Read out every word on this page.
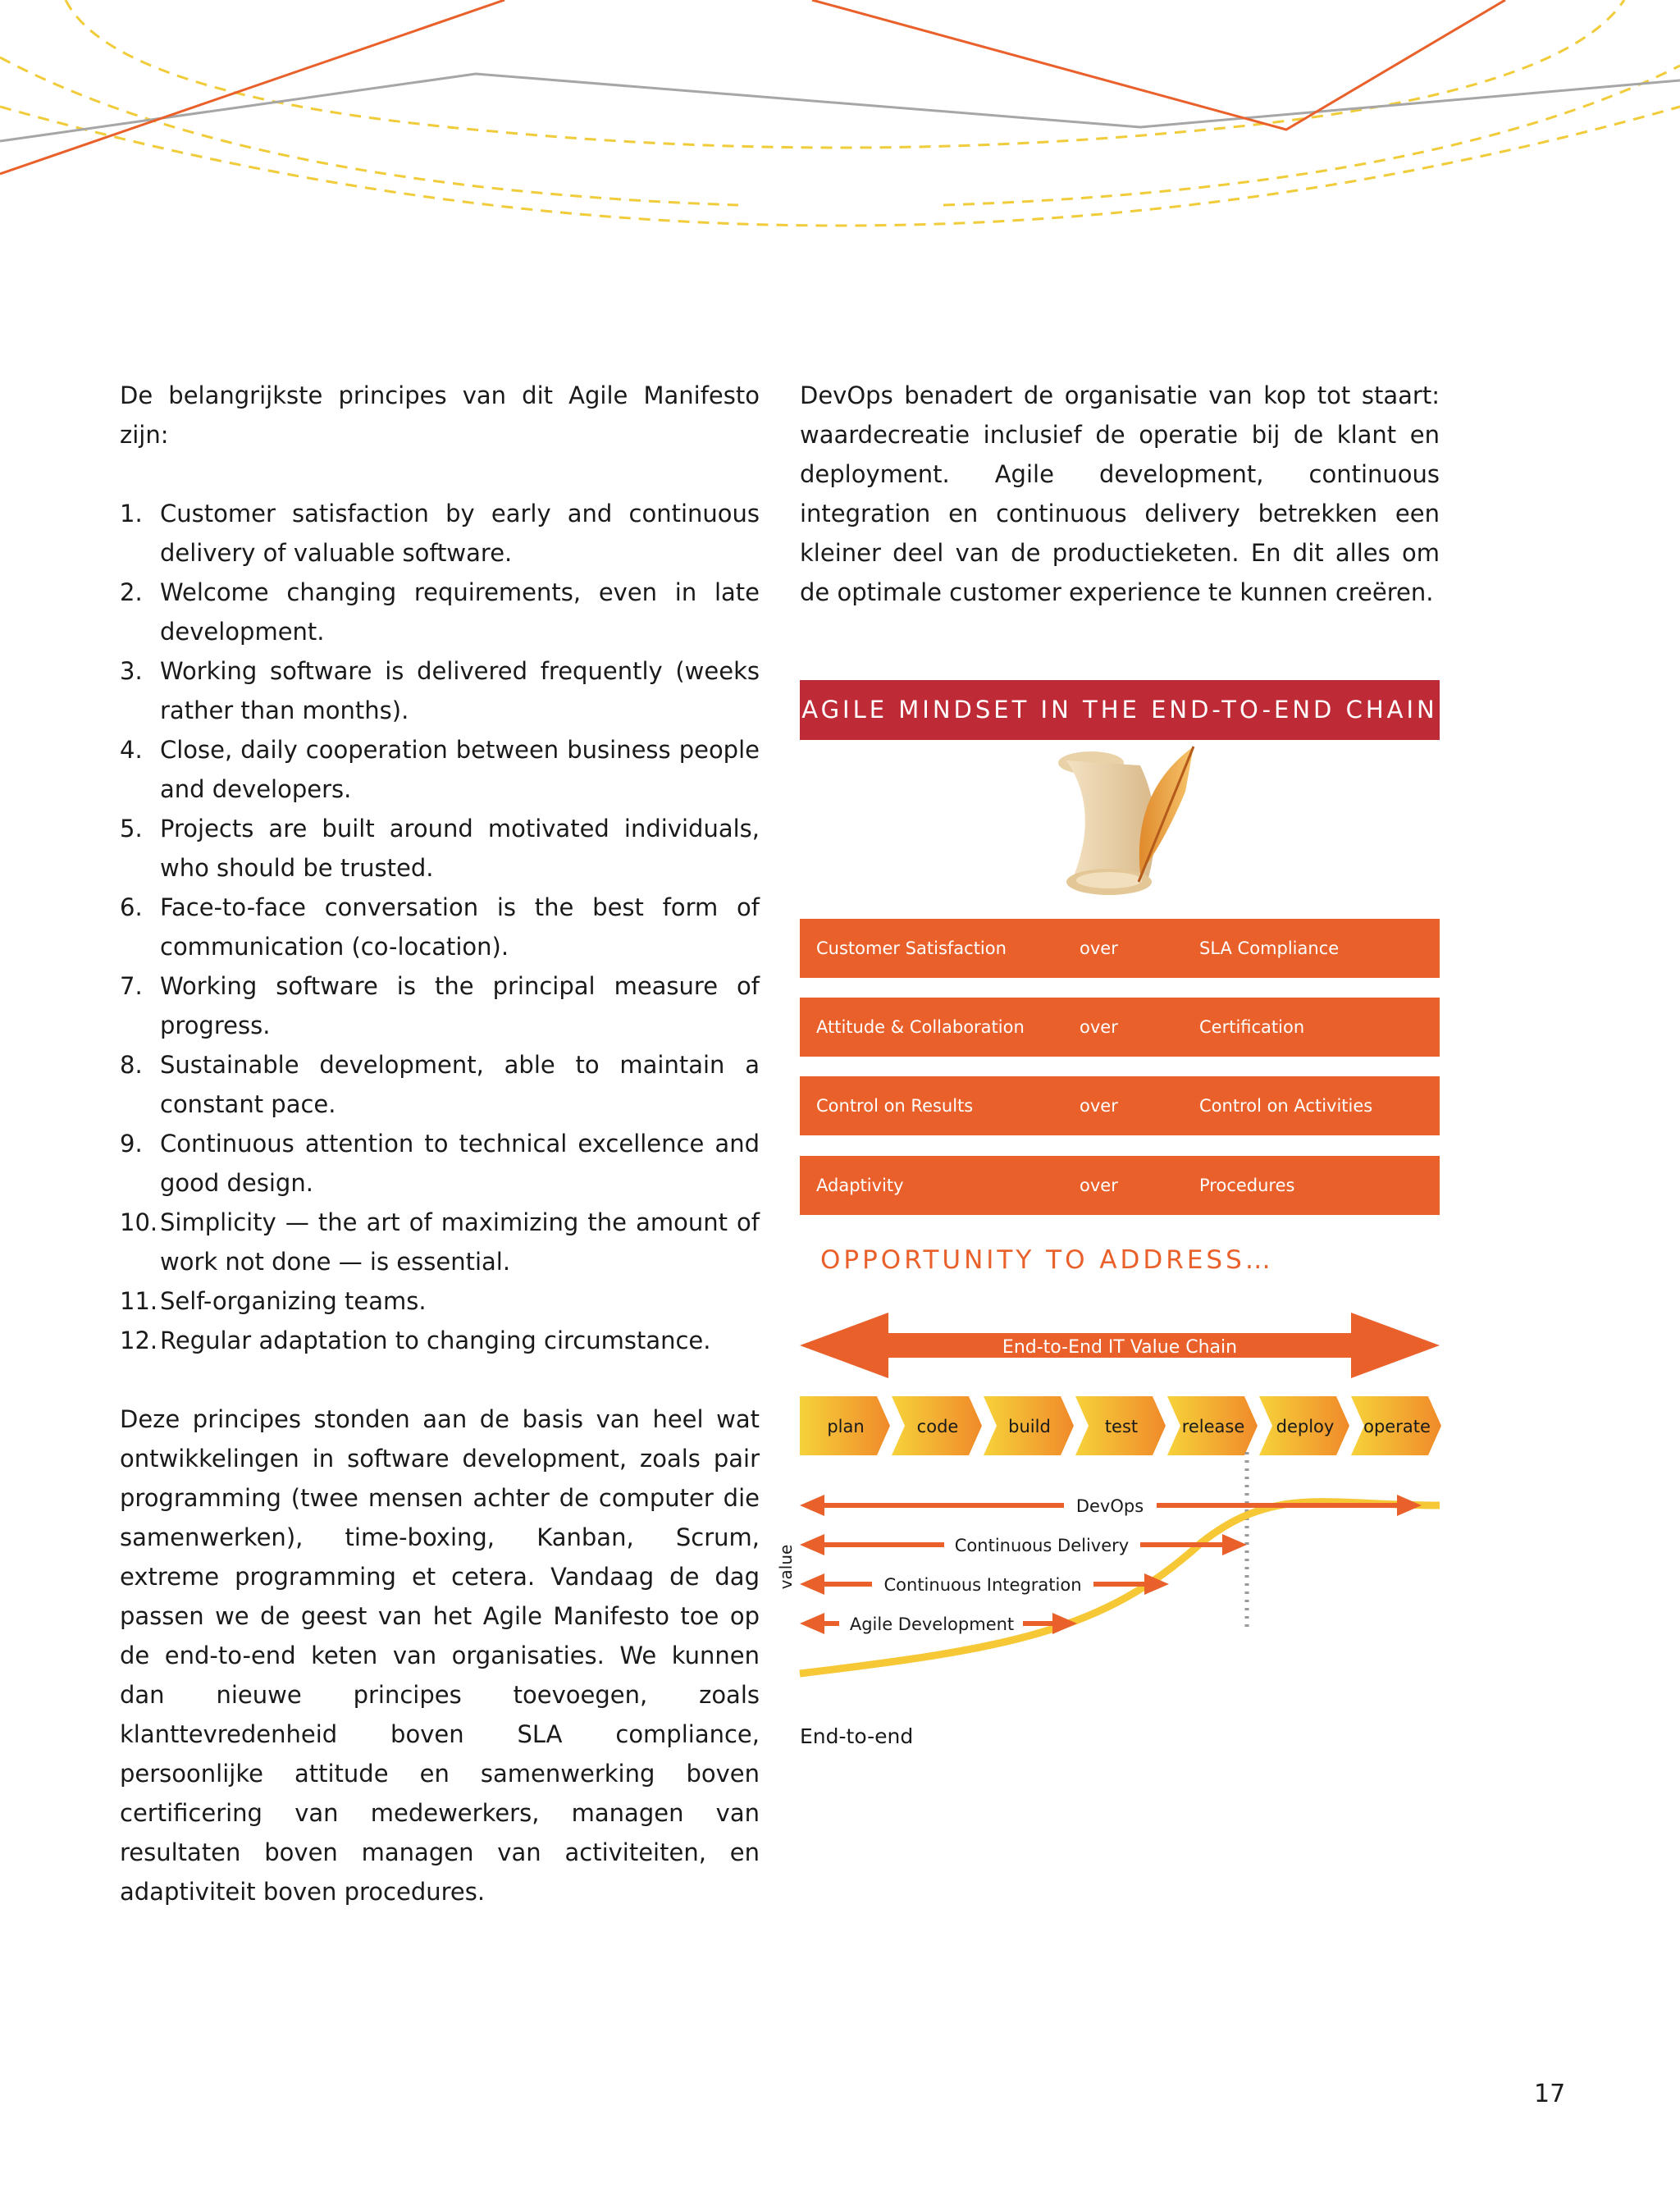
De belangrijkste principes van dit Agile Manifesto zijn:

1. Customer satisfaction by early and continuous delivery of valuable software.
2. Welcome changing requirements, even in late development.
3. Working software is delivered frequently (weeks rather than months).
4. Close, daily cooperation between business people and developers.
5. Projects are built around motivated individuals, who should be trusted.
6. Face-to-face conversation is the best form of communication (co-location).
7. Working software is the principal measure of progress.
8. Sustainable development, able to maintain a constant pace.
9. Continuous attention to technical excellence and good design.
10. Simplicity — the art of maximizing the amount of work not done — is essential.
11. Self-organizing teams.
12. Regular adaptation to changing circumstance.

Deze principes stonden aan de basis van heel wat ontwikkelingen in software development, zoals pair programming (twee mensen achter de computer die samenwerken), time-boxing, Kanban, Scrum, extreme programming et cetera. Vandaag de dag passen we de geest van het Agile Manifesto toe op de end-to-end keten van organisaties. We kunnen dan nieuwe principes toevoegen, zoals klanttevredenheid boven SLA compliance, persoonlijke attitude en samenwerking boven certificering van medewerkers, managen van resultaten boven managen van activiteiten, en adaptiviteit boven procedures.

DevOps benadert de organisatie van kop tot staart: waardecreatie inclusief de operatie bij de klant en deployment. Agile development, continuous integration en continuous delivery betrekken een kleiner deel van de productieketen. En dit alles om de optimale customer experience te kunnen creëren.

AGILE MINDSET IN THE END-TO-END CHAIN
Customer Satisfaction	over	SLA Compliance
Attitude & Collaboration	over	Certification
Control on Results	over	Control on Activities
Adaptivity	over	Procedures
OPPORTUNITY TO ADDRESS…
End-to-End IT Value Chain
plan	code	build	test	release deploy operate
DevOps
Continuous Delivery
Continuous Integration
Agile Development
value
End-to-end
17
